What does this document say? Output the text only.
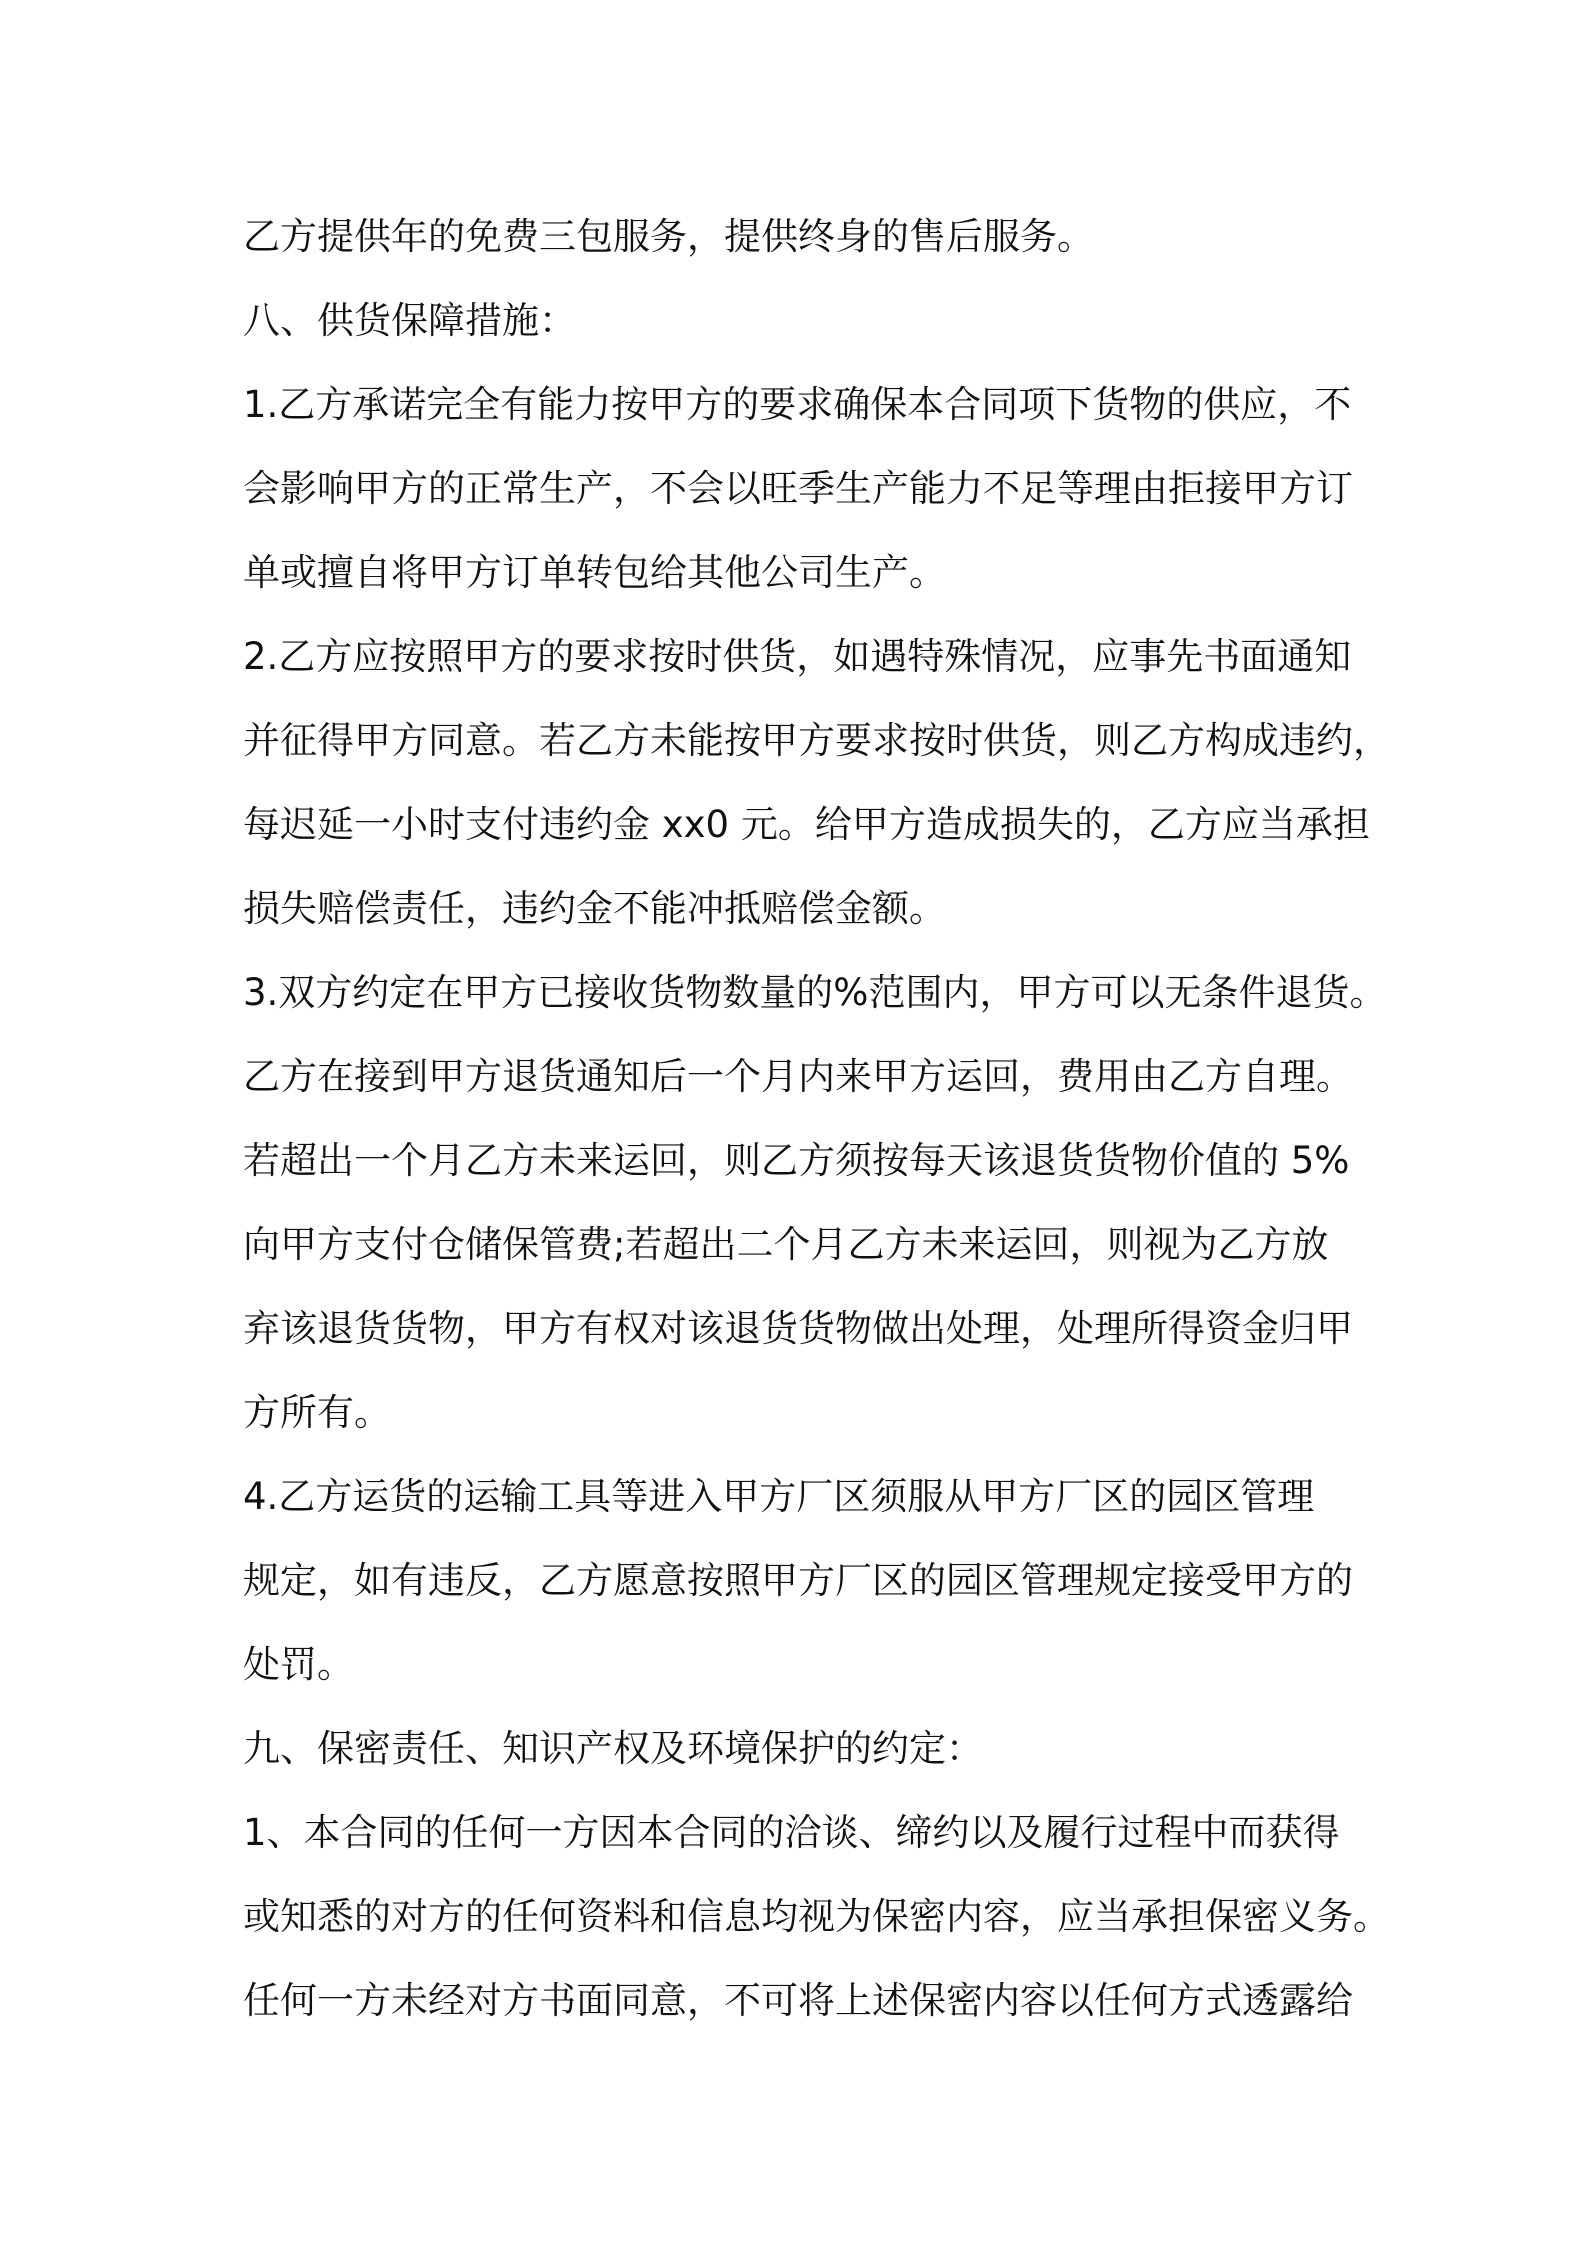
乙方提供年的免费三包服务，提供终身的售后服务。
八、供货保障措施：
1.乙方承诺完全有能力按甲方的要求确保本合同项下货物的供应，不
会影响甲方的正常生产，不会以旺季生产能力不足等理由拒接甲方订
单或擅自将甲方订单转包给其他公司生产。
2.乙方应按照甲方的要求按时供货，如遇特殊情况，应事先书面通知
并征得甲方同意。若乙方未能按甲方要求按时供货，则乙方构成违约，
每迟延一小时支付违约金 xx0 元。给甲方造成损失的，乙方应当承担
损失赔偿责任，违约金不能冲抵赔偿金额。
3.双方约定在甲方已接收货物数量的%范围内，甲方可以无条件退货。
乙方在接到甲方退货通知后一个月内来甲方运回，费用由乙方自理。
若超出一个月乙方未来运回，则乙方须按每天该退货货物价值的 5%
向甲方支付仓储保管费;若超出二个月乙方未来运回，则视为乙方放
弃该退货货物，甲方有权对该退货货物做出处理，处理所得资金归甲
方所有。
4.乙方运货的运输工具等进入甲方厂区须服从甲方厂区的园区管理
规定，如有违反，乙方愿意按照甲方厂区的园区管理规定接受甲方的
处罚。
九、保密责任、知识产权及环境保护的约定：
1、本合同的任何一方因本合同的洽谈、缔约以及履行过程中而获得
或知悉的对方的任何资料和信息均视为保密内容，应当承担保密义务。
任何一方未经对方书面同意，不可将上述保密内容以任何方式透露给
